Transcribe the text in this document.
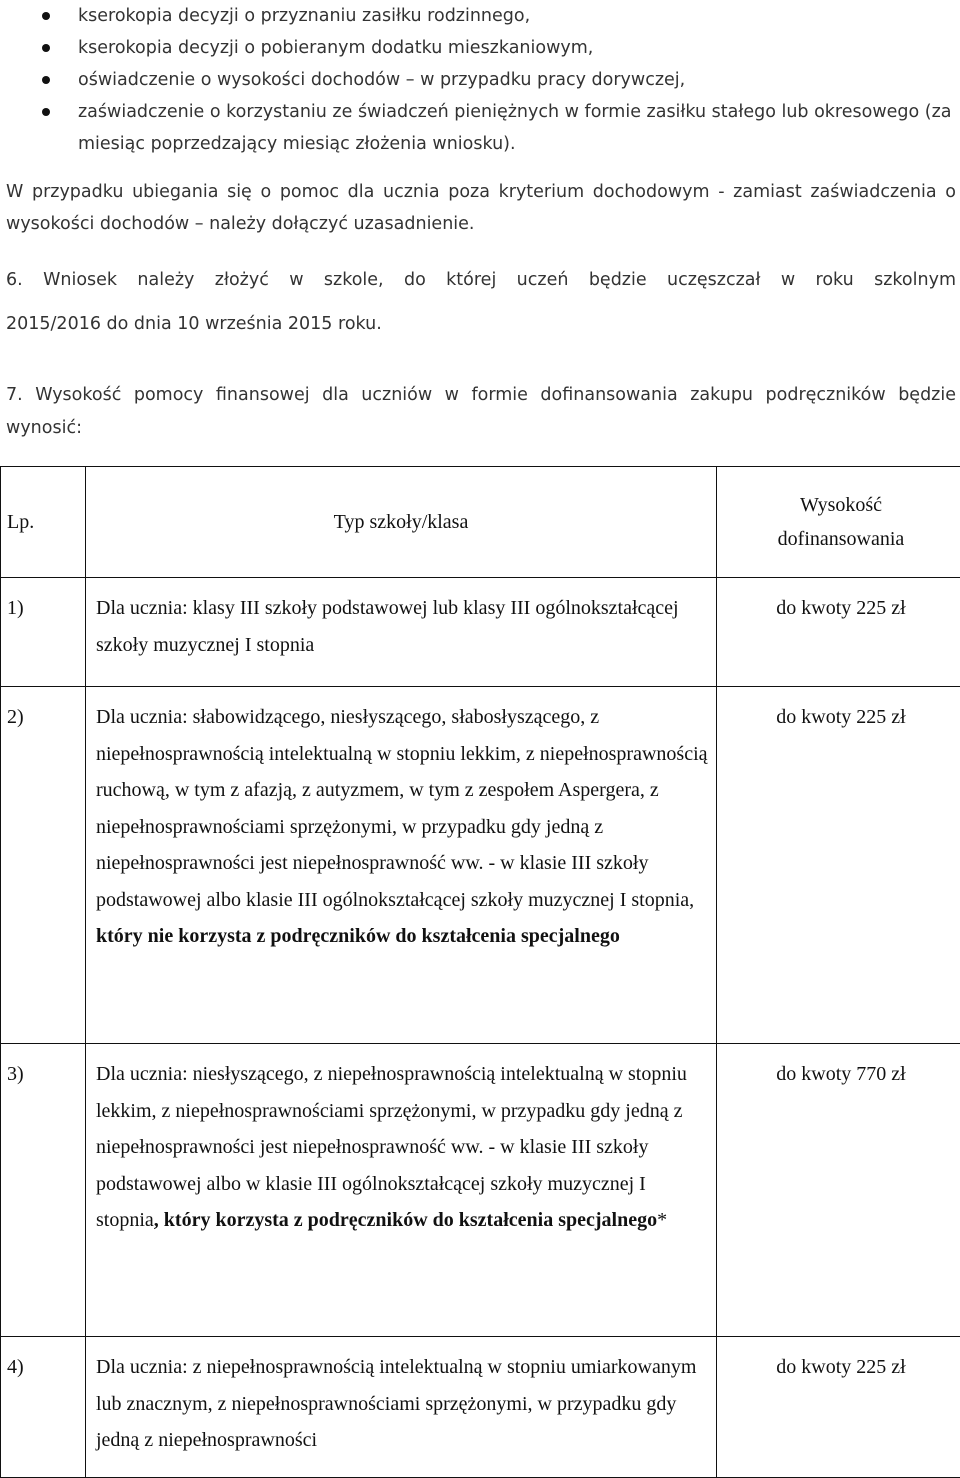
kserokopia decyzji o przyznaniu zasiłku rodzinnego,
kserokopia decyzji o pobieranym dodatku mieszkaniowym,
oświadczenie o wysokości dochodów – w przypadku pracy dorywczej,
zaświadczenie o korzystaniu ze świadczeń pieniężnych w formie zasiłku stałego lub okresowego (za miesiąc poprzedzający miesiąc złożenia wniosku).
W przypadku ubiegania się o pomoc dla ucznia poza kryterium dochodowym - zamiast zaświadczenia o wysokości dochodów – należy dołączyć uzasadnienie.
6. Wniosek należy złożyć w szkole, do której uczeń będzie uczęszczał w roku szkolnym
2015/2016 do dnia 10 września 2015 roku.
7. Wysokość pomocy finansowej dla uczniów w formie dofinansowania zakupu podręczników będzie wynosić:
Lp.	Typ szkoły/klasa	Wysokość dofinansowania

1)	Dla ucznia: klasy III szkoły podstawowej lub klasy III ogólnokształcącej szkoły muzycznej I stopnia	do kwoty 225 zł

2)	Dla ucznia: słabowidzącego, niesłyszącego, słabosłyszącego, z niepełnosprawnością intelektualną w stopniu lekkim, z niepełnosprawnością ruchową, w tym z afazją, z autyzmem, w tym z zespołem Aspergera, z niepełnosprawnościami sprzężonymi, w przypadku gdy jedną z niepełnosprawności jest niepełnosprawność ww. - w klasie III szkoły podstawowej albo klasie III ogólnokształcącej szkoły muzycznej I stopnia, który nie korzysta z podręczników do kształcenia specjalnego	do kwoty 225 zł

3)	Dla ucznia: niesłyszącego, z niepełnosprawnością intelektualną w stopniu lekkim, z niepełnosprawnościami sprzężonymi, w przypadku gdy jedną z niepełnosprawności jest niepełnosprawność ww. - w klasie III szkoły podstawowej albo w klasie III ogólnokształcącej szkoły muzycznej I stopnia, który korzysta z podręczników do kształcenia specjalnego*	do kwoty 770 zł

4)	Dla ucznia: z niepełnosprawnością intelektualną w stopniu umiarkowanym lub znacznym, z niepełnosprawnościami sprzężonymi, w przypadku gdy jedną z niepełnosprawności	do kwoty 225 zł
